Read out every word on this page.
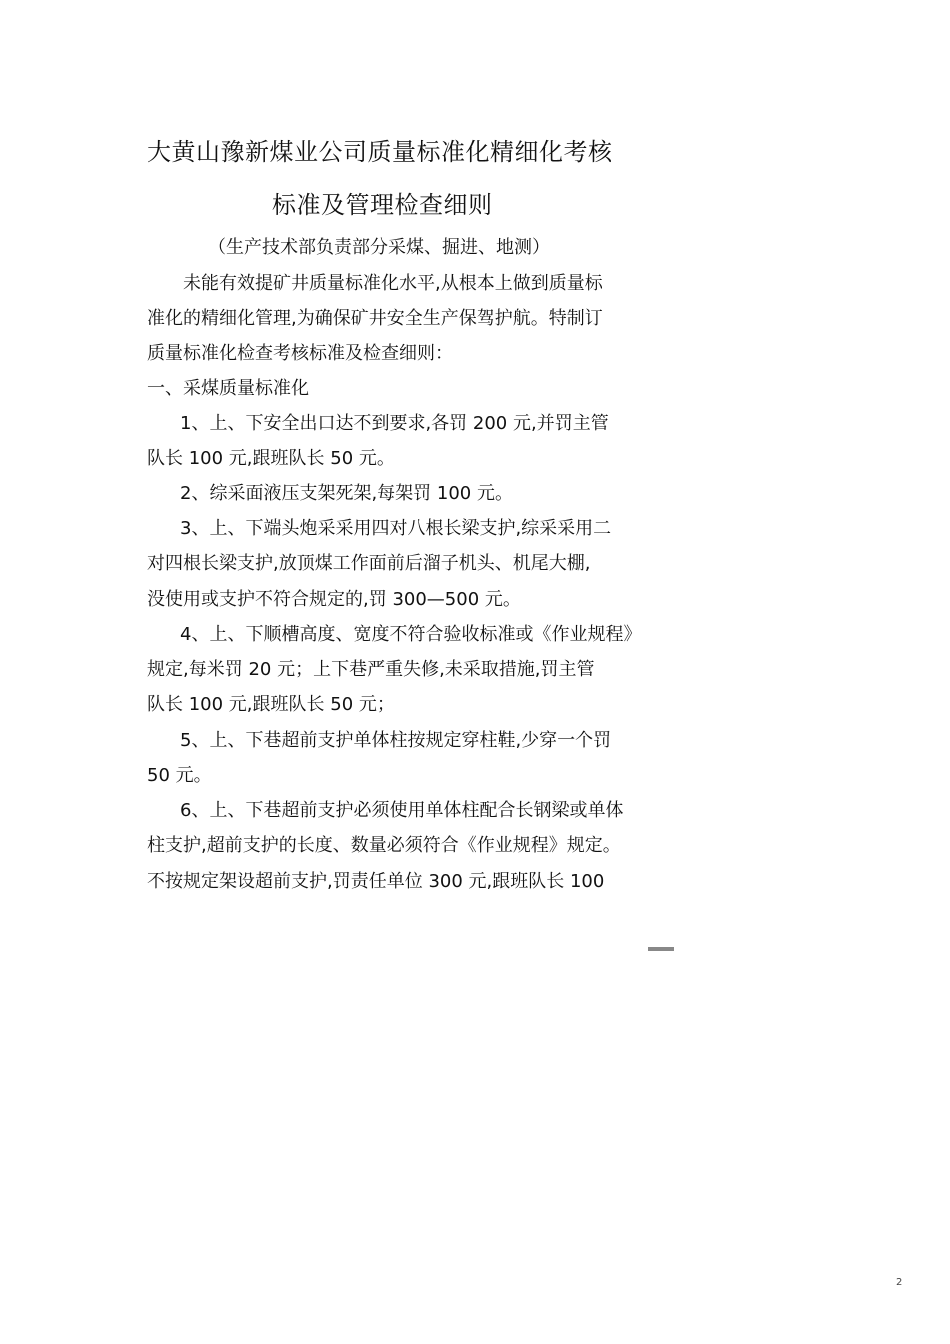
大黄山豫新煤业公司质量标准化精细化考核
标准及管理检查细则
（生产技术部负责部分采煤、掘进、地测）
未能有效提矿井质量标准化水平,从根本上做到质量标
准化的精细化管理,为确保矿井安全生产保驾护航。特制订
质量标准化检查考核标准及检查细则：
一、采煤质量标准化
1、上、下安全出口达不到要求,各罚 200 元,并罚主管
队长 100 元,跟班队长 50 元。
2、综采面液压支架死架,每架罚 100 元。
3、上、下端头炮采采用四对八根长梁支护,综采采用二
对四根长梁支护,放顶煤工作面前后溜子机头、机尾大棚,
没使用或支护不符合规定的,罚 300—500 元。
4、上、下顺槽高度、宽度不符合验收标准或《作业规程》
规定,每米罚 20 元；上下巷严重失修,未采取措施,罚主管
队长 100 元,跟班队长 50 元；
5、上、下巷超前支护单体柱按规定穿柱鞋,少穿一个罚
50 元。
6、上、下巷超前支护必须使用单体柱配合长钢梁或单体
柱支护,超前支护的长度、数量必须符合《作业规程》规定。
不按规定架设超前支护,罚责任单位 300 元,跟班队长 100
2
